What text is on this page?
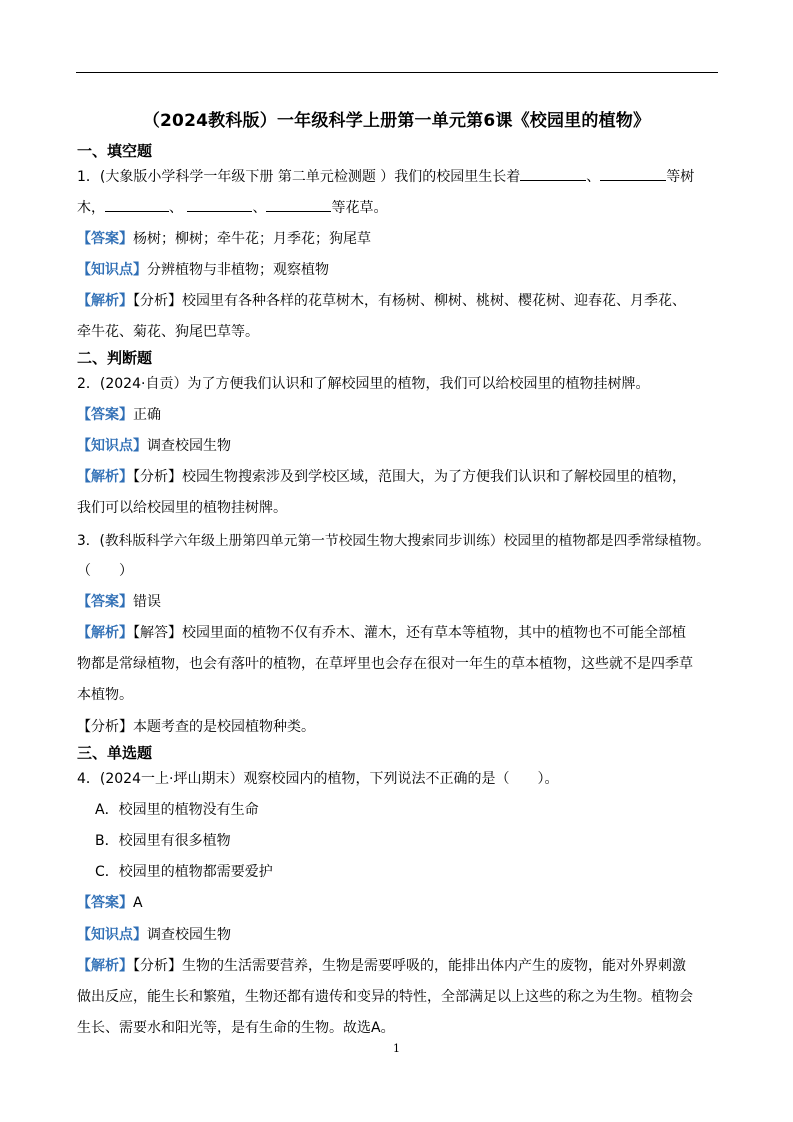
（2024教科版）一年级科学上册第一单元第6课《校园里的植物》
一、填空题
1．(大象版小学科学一年级下册 第二单元检测题 ）我们的校园里生长着	、	等树
木，	、	、	等花草。
【答案】杨树；柳树；牵牛花；月季花；狗尾草
【知识点】分辨植物与非植物；观察植物
【解析】【分析】校园里有各种各样的花草树木，有杨树、柳树、桃树、樱花树、迎春花、月季花、
牵牛花、菊花、狗尾巴草等。
二、判断题
2．(2024·自贡）为了方便我们认识和了解校园里的植物，我们可以给校园里的植物挂树牌。
【答案】正确
【知识点】调查校园生物
【解析】【分析】校园生物搜索涉及到学校区域，范围大，为了方便我们认识和了解校园里的植物，
我们可以给校园里的植物挂树牌。
3．(教科版科学六年级上册第四单元第一节校园生物大搜索同步训练）校园里的植物都是四季常绿植物。
（　　）
【答案】错误
【解析】【解答】校园里面的植物不仅有乔木、灌木，还有草本等植物，其中的植物也不可能全部植
物都是常绿植物，也会有落叶的植物，在草坪里也会存在很对一年生的草本植物，这些就不是四季草
本植物。
【分析】本题考查的是校园植物种类。
三、单选题
4．(2024一上·坪山期末）观察校园内的植物，下列说法不正确的是（　　）。
A．校园里的植物没有生命
B．校园里有很多植物
C．校园里的植物都需要爱护
【答案】A
【知识点】调查校园生物
【解析】【分析】生物的生活需要营养，生物是需要呼吸的，能排出体内产生的废物，能对外界刺激
做出反应，能生长和繁殖，生物还都有遗传和变异的特性，全部满足以上这些的称之为生物。植物会
生长、需要水和阳光等，是有生命的生物。故选A。
1
